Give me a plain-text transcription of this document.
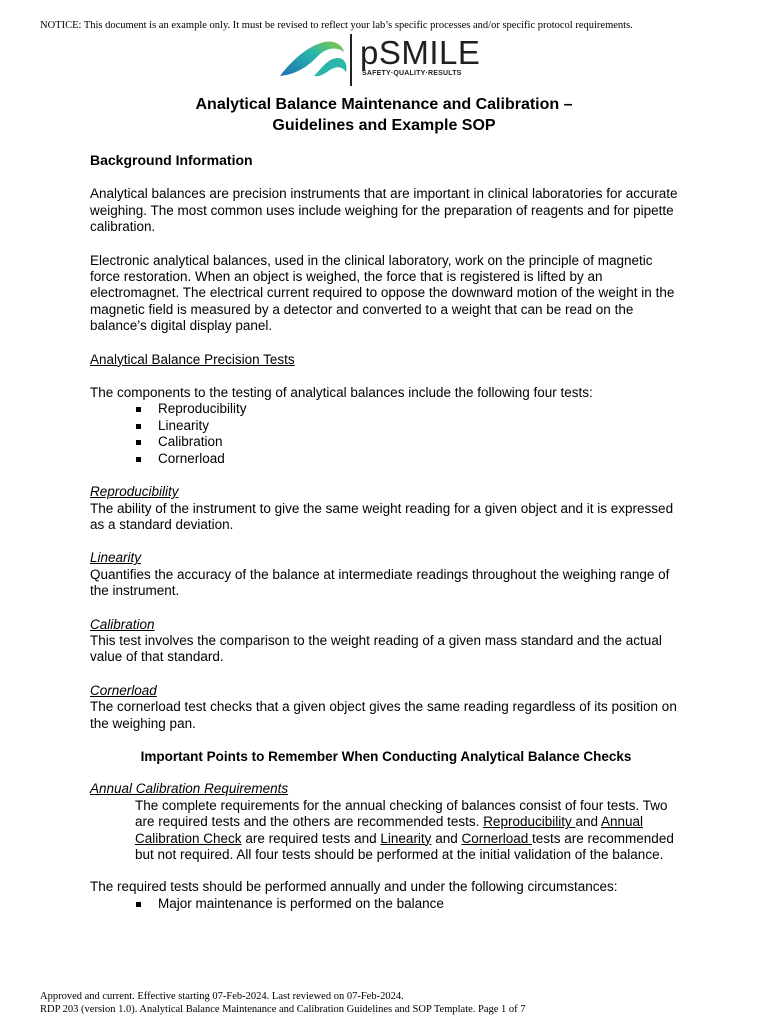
NOTICE: This document is an example only. It must be revised to reflect your lab’s specific processes and/or specific protocol requirements.
pSMILE
SAFETY·QUALITY·RESULTS
Analytical Balance Maintenance and Calibration –
Guidelines and Example SOP

Background Information

Analytical balances are precision instruments that are important in clinical laboratories for accurate weighing. The most common uses include weighing for the preparation of reagents and for pipette calibration.

Electronic analytical balances, used in the clinical laboratory, work on the principle of magnetic force restoration. When an object is weighed, the force that is registered is lifted by an electromagnet. The electrical current required to oppose the downward motion of the weight in the magnetic field is measured by a detector and converted to a weight that can be read on the balance’s digital display panel.

Analytical Balance Precision Tests

The components to the testing of analytical balances include the following four tests:

Reproducibility
Linearity
Calibration
Cornerload

Reproducibility

The ability of the instrument to give the same weight reading for a given object and it is expressed as a standard deviation.

Linearity

Quantifies the accuracy of the balance at intermediate readings throughout the weighing range of the instrument.

Calibration

This test involves the comparison to the weight reading of a given mass standard and the actual value of that standard.

Cornerload

The cornerload test checks that a given object gives the same reading regardless of its position on the weighing pan.

Important Points to Remember When Conducting Analytical Balance Checks

Annual Calibration Requirements

The complete requirements for the annual checking of balances consist of four tests. Two are required tests and the others are recommended tests. Reproducibility and Annual Calibration Check are required tests and Linearity and Cornerload tests are recommended but not required. All four tests should be performed at the initial validation of the balance.

The required tests should be performed annually and under the following circumstances:

Major maintenance is performed on the balance
Approved and current. Effective starting 07-Feb-2024. Last reviewed on 07-Feb-2024.
RDP 203 (version 1.0). Analytical Balance Maintenance and Calibration Guidelines and SOP Template. Page 1 of 7
